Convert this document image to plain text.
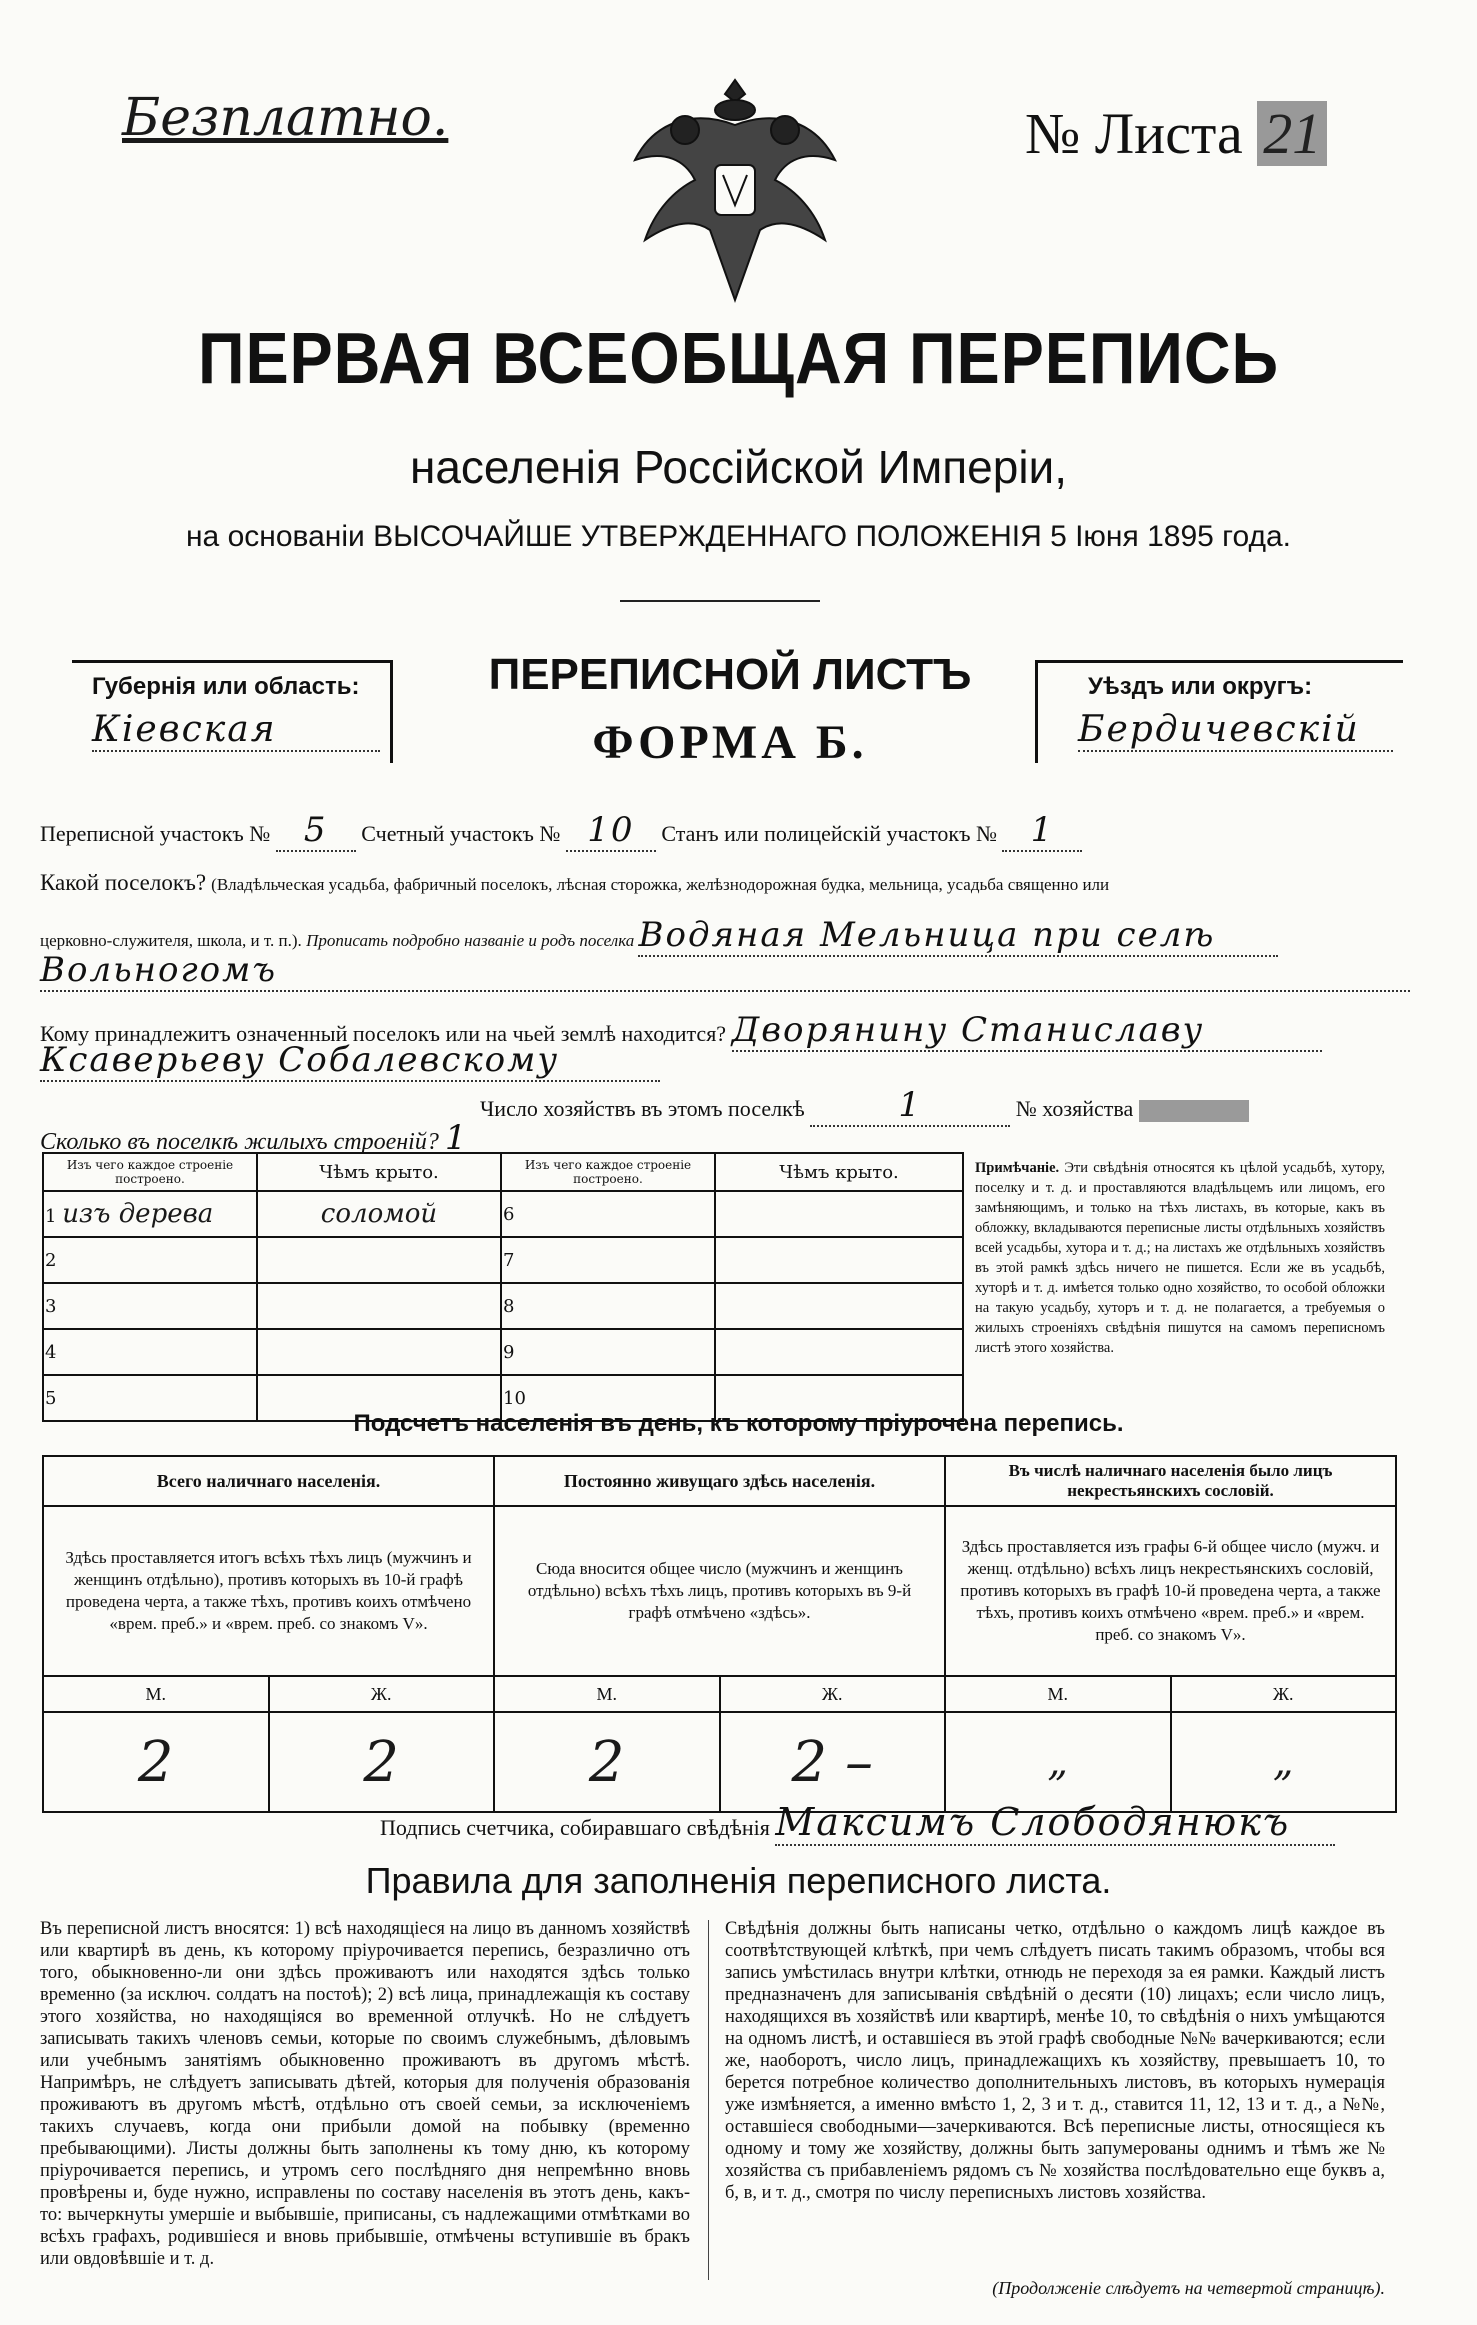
Безплатно.	№ Листа 21
ПЕРВАЯ ВСЕОБЩАЯ ПЕРЕПИСЬ
населенія Россійской Имперіи,
на основаніи ВЫСОЧАЙШЕ УТВЕРЖДЕННАГО ПОЛОЖЕНІЯ 5 Іюня 1895 года.
Губернія или область:
Кiевская
ПЕРЕПИСНОЙ ЛИСТЪ
ФОРМА Б.
Уѣздъ или округъ:
Бердичевскiй
Переписной участокъ № 5 Счетный участокъ № 10 Станъ или полицейскій участокъ № 1
Какой поселокъ? (Владѣльческая усадьба, фабричный поселокъ, лѣсная сторожка, желѣзнодорожная будка, мельница, усадьба священно или
церковно-служителя, школа, и т. п.). Прописать подробно названіе и родъ поселка Водяная Мельница при селѣ
Вольногомъ
Кому принадлежитъ означенный поселокъ или на чьей землѣ находится? Дворянину Станиславу
Ксаверьеву Собалевскому
Число хозяйствъ въ этомъ поселкѣ	1	№ хозяйства
Сколько въ поселкѣ жилыхъ строеній? 1
Изъ чего каждое строеніе построено.	Чѣмъ крыто.	Изъ чего каждое строеніе построено.	Чѣмъ крыто.
1 изъ дерева	соломой	6	
2		7	
3		8	
4		9	
5		10	
Примѣчаніе. Эти свѣдѣнія относятся къ цѣлой усадьбѣ, хутору, поселку и т. д. и проставляются владѣльцемъ или лицомъ, его замѣняющимъ, и только на тѣхъ листахъ, въ которые, какъ въ обложку, вкладываются переписные листы отдѣльныхъ хозяйствъ всей усадьбы, хутора и т. д.; на листахъ же отдѣльныхъ хозяйствъ въ этой рамкѣ здѣсь ничего не пишется. Если же въ усадьбѣ, хуторѣ и т. д. имѣется только одно хозяйство, то особой обложки на такую усадьбу, хуторъ и т. д. не полагается, а требуемыя о жилыхъ строеніяхъ свѣдѣнія пишутся на самомъ переписномъ листѣ этого хозяйства.
Подсчетъ населенія въ день, къ которому пріурочена перепись.
Всего наличнаго населенія.		Постоянно живущаго здѣсь населенія.		Въ числѣ наличнаго населенія было лицъ некрестьянскихъ сословій.	
Здѣсь проставляется итогъ всѣхъ тѣхъ лицъ (мужчинъ и женщинъ отдѣльно), противъ которыхъ въ 10-й графѣ проведена черта, а также тѣхъ, противъ коихъ отмѣчено «врем. преб.» и «врем. преб. со знакомъ V».		Сюда вносится общее число (мужчинъ и женщинъ отдѣльно) всѣхъ тѣхъ лицъ, противъ которыхъ въ 9-й графѣ отмѣчено «здѣсь».		Здѣсь проставляется изъ графы 6-й общее число (мужч. и женщ. отдѣльно) всѣхъ лицъ некрестьянскихъ сословій, противъ которыхъ въ графѣ 10-й проведена черта, а также тѣхъ, противъ коихъ отмѣчено «врем. преб.» и «врем. преб. со знакомъ V».	
М.	Ж.	М.	Ж.	М.	Ж.
2	2	2	2 –	„	„
Подпись счетчика, собиравшаго свѣдѣнія Максимъ Слободянюкъ
Правила для заполненія переписного листа.
Въ переписной листъ вносятся: 1) всѣ находящіеся на лицо въ данномъ хозяйствѣ или квартирѣ въ день, къ которому пріурочивается перепись, безразлично отъ того, обыкновенно-ли они здѣсь проживаютъ или находятся здѣсь только временно (за исключ. солдатъ на постоѣ); 2) всѣ лица, принадлежащія къ составу этого хозяйства, но находящіяся во временной отлучкѣ. Но не слѣдуетъ записывать такихъ членовъ семьи, которые по своимъ служебнымъ, дѣловымъ или учебнымъ занятіямъ обыкновенно проживаютъ въ другомъ мѣстѣ. Напримѣръ, не слѣдуетъ записывать дѣтей, которыя для полученія образованія проживаютъ въ другомъ мѣстѣ, отдѣльно отъ своей семьи, за исключеніемъ такихъ случаевъ, когда они прибыли домой на побывку (временно пребывающими). Листы должны быть заполнены къ тому дню, къ которому пріурочивается перепись, и утромъ сего послѣдняго дня непремѣнно вновь провѣрены и, буде нужно, исправлены по составу населенія въ этотъ день, какъ-то: вычеркнуты умершіе и выбывшіе, приписаны, съ надлежащими отмѣтками во всѣхъ графахъ, родившіеся и вновь прибывшіе, отмѣчены вступившіе въ бракъ или овдовѣвшіе и т. д.
Свѣдѣнія должны быть написаны четко, отдѣльно о каждомъ лицѣ каждое въ соотвѣтствующей клѣткѣ, при чемъ слѣдуетъ писать такимъ образомъ, чтобы вся запись умѣстилась внутри клѣтки, отнюдь не переходя за ея рамки. Каждый листъ предназначенъ для записыванія свѣдѣній о десяти (10) лицахъ; если число лицъ, находящихся въ хозяйствѣ или квартирѣ, менѣе 10, то свѣдѣнія о нихъ умѣщаются на одномъ листѣ, и оставшіеся въ этой графѣ свободные №№ вачеркиваются; если же, наоборотъ, число лицъ, принадлежащихъ къ хозяйству, превышаетъ 10, то берется потребное количество дополнительныхъ листовъ, въ которыхъ нумерація уже измѣняется, а именно вмѣсто 1, 2, 3 и т. д., ставится 11, 12, 13 и т. д., а №№, оставшіеся свободными—зачеркиваются. Всѣ переписные листы, относящіеся къ одному и тому же хозяйству, должны быть запумерованы однимъ и тѣмъ же № хозяйства съ прибавленіемъ рядомъ съ № хозяйства послѣдовательно еще буквъ а, б, в, и т. д., смотря по числу переписныхъ листовъ хозяйства.
(Продолженіе слѣдуетъ на четвертой страницѣ).
